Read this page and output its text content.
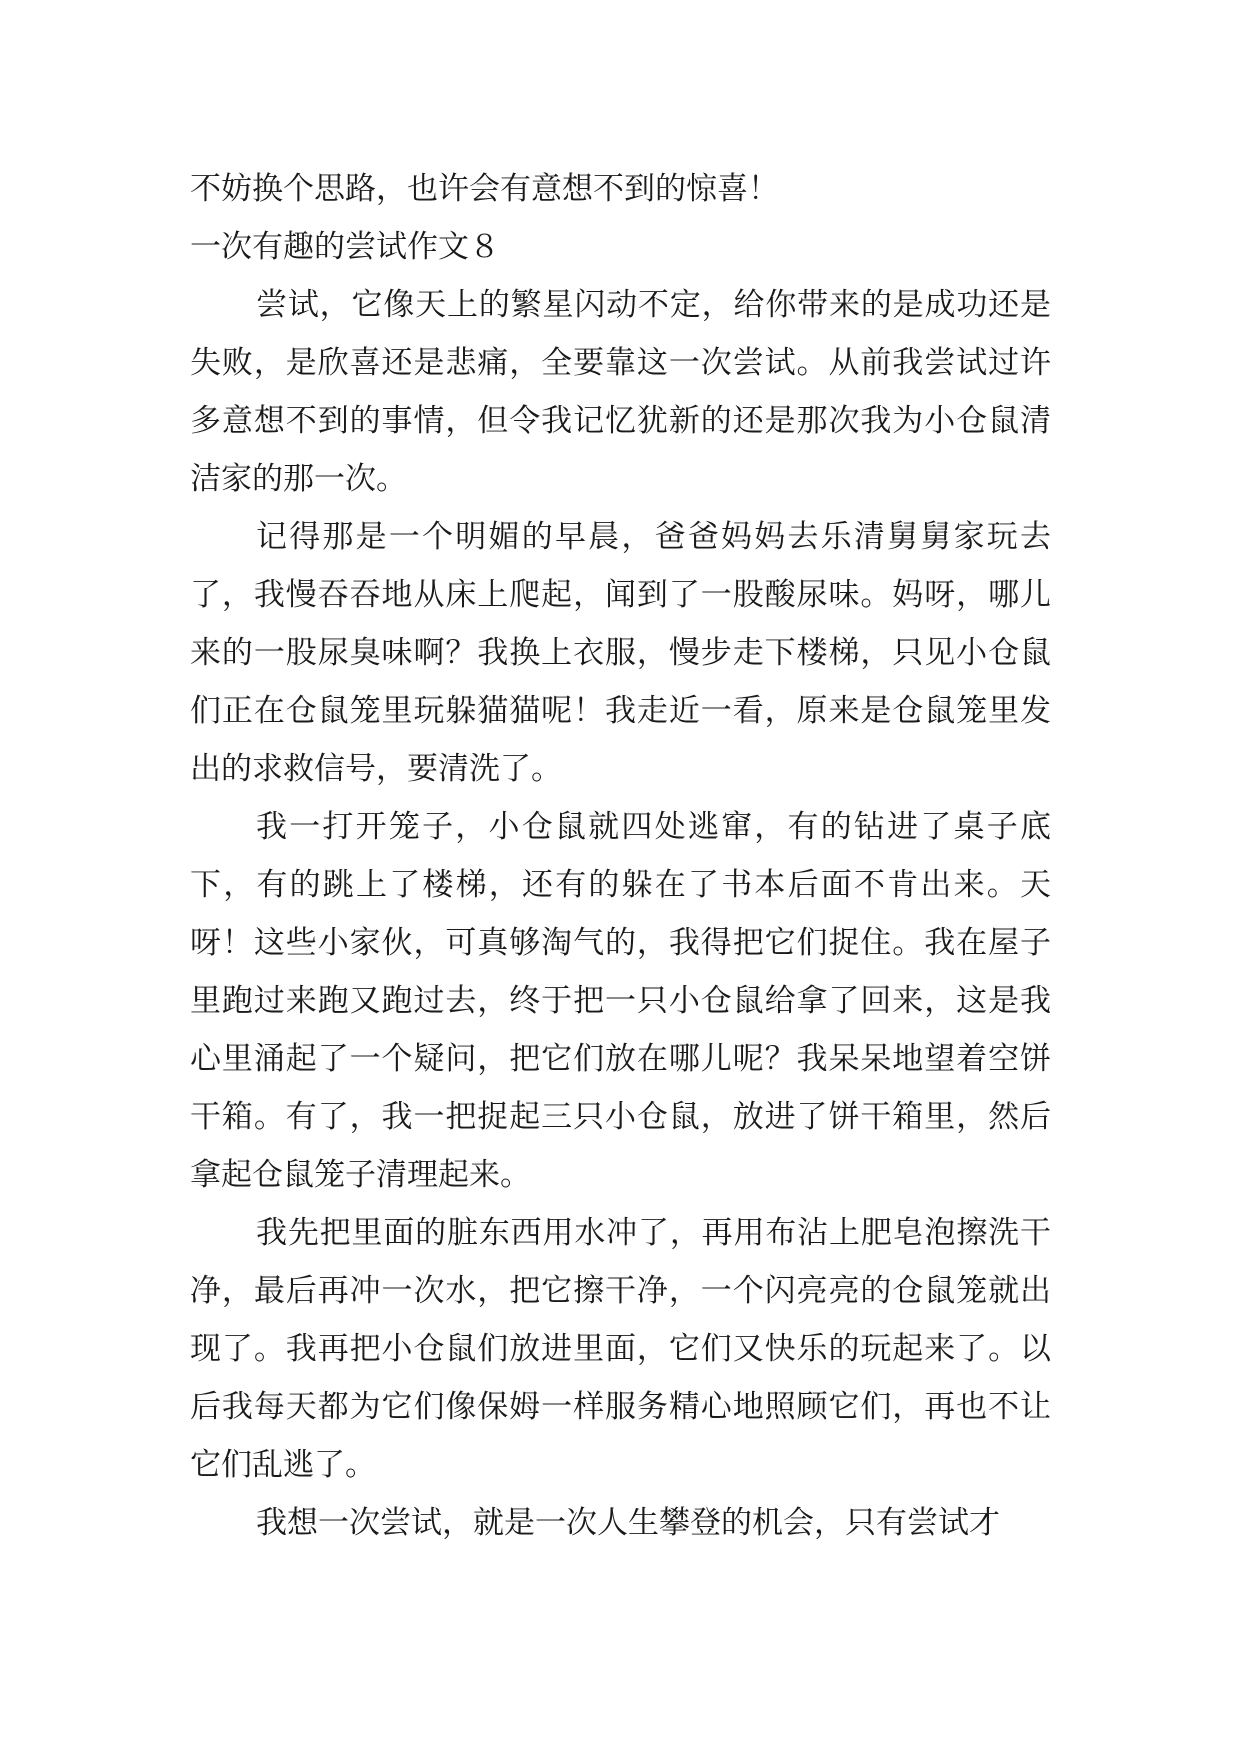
不妨换个思路，也许会有意想不到的惊喜！

一次有趣的尝试作文８

尝试，它像天上的繁星闪动不定，给你带来的是成功还是失败，是欣喜还是悲痛，全要靠这一次尝试。从前我尝试过许多意想不到的事情，但令我记忆犹新的还是那次我为小仓鼠清洁家的那一次。

记得那是一个明媚的早晨，爸爸妈妈去乐清舅舅家玩去了，我慢吞吞地从床上爬起，闻到了一股酸尿味。妈呀，哪儿来的一股尿臭味啊？我换上衣服，慢步走下楼梯，只见小仓鼠们正在仓鼠笼里玩躲猫猫呢！我走近一看，原来是仓鼠笼里发出的求救信号，要清洗了。

我一打开笼子，小仓鼠就四处逃窜，有的钻进了桌子底下，有的跳上了楼梯，还有的躲在了书本后面不肯出来。天呀！这些小家伙，可真够淘气的，我得把它们捉住。我在屋子里跑过来跑又跑过去，终于把一只小仓鼠给拿了回来，这是我心里涌起了一个疑问，把它们放在哪儿呢？我呆呆地望着空饼干箱。有了，我一把捉起三只小仓鼠，放进了饼干箱里，然后拿起仓鼠笼子清理起来。

我先把里面的脏东西用水冲了，再用布沾上肥皂泡擦洗干净，最后再冲一次水，把它擦干净，一个闪亮亮的仓鼠笼就出现了。我再把小仓鼠们放进里面，它们又快乐的玩起来了。以后我每天都为它们像保姆一样服务精心地照顾它们，再也不让它们乱逃了。

我想一次尝试，就是一次人生攀登的机会，只有尝试才
